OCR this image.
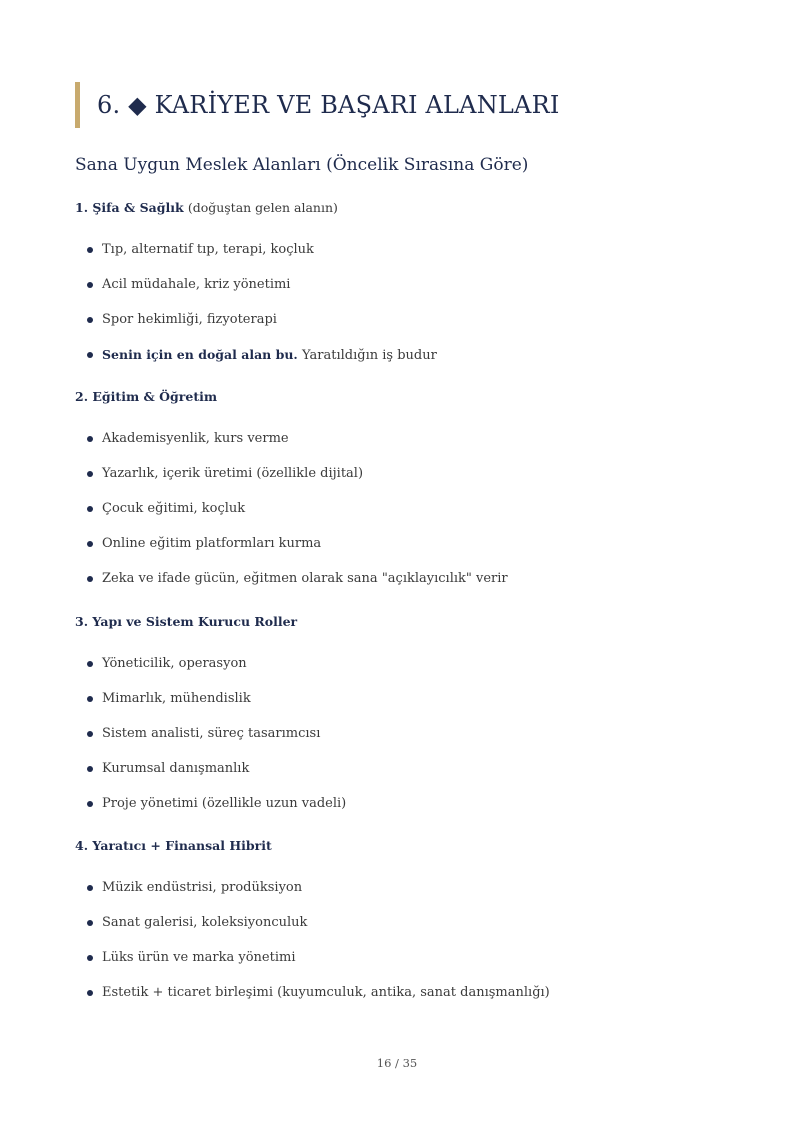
6. ◆ KARİYER VE BAŞARI ALANLARI
Sana Uygun Meslek Alanları (Öncelik Sırasına Göre)

1. Şifa & Sağlık (doğuştan gelen alanın)

Tıp, alternatif tıp, terapi, koçluk
Acil müdahale, kriz yönetimi
Spor hekimliği, fizyoterapi
Senin için en doğal alan bu. Yaratıldığın iş budur

2. Eğitim & Öğretim

Akademisyenlik, kurs verme
Yazarlık, içerik üretimi (özellikle dijital)
Çocuk eğitimi, koçluk
Online eğitim platformları kurma
Zeka ve ifade gücün, eğitmen olarak sana "açıklayıcılık" verir

3. Yapı ve Sistem Kurucu Roller

Yöneticilik, operasyon
Mimarlık, mühendislik
Sistem analisti, süreç tasarımcısı
Kurumsal danışmanlık
Proje yönetimi (özellikle uzun vadeli)

4. Yaratıcı + Finansal Hibrit

Müzik endüstrisi, prodüksiyon
Sanat galerisi, koleksiyonculuk
Lüks ürün ve marka yönetimi
Estetik + ticaret birleşimi (kuyumculuk, antika, sanat danışmanlığı)
16 / 35
